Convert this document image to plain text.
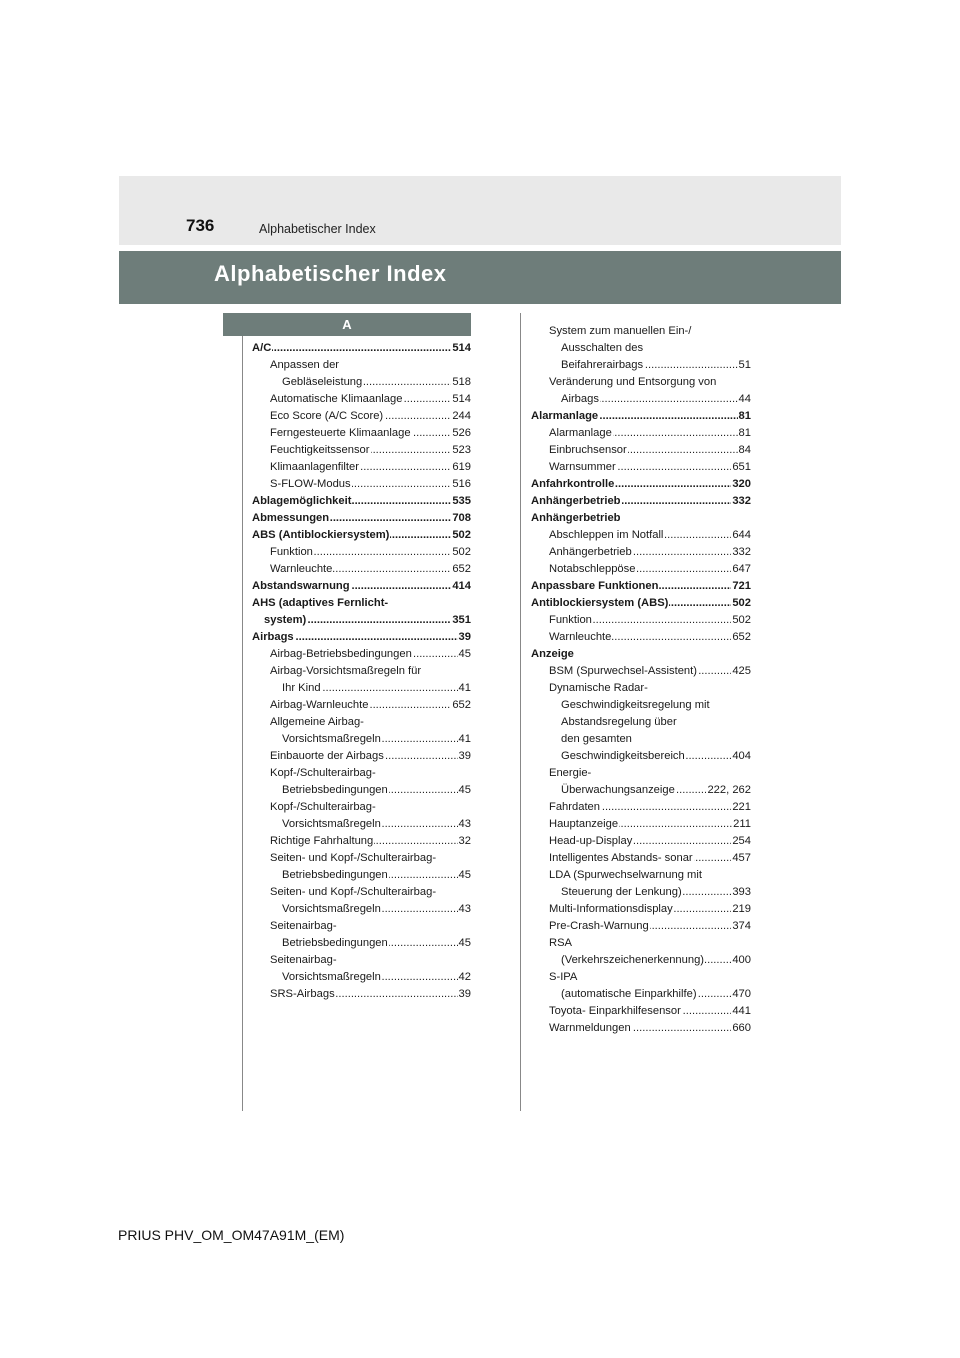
736	Alphabetischer Index
Alphabetischer Index
A
..... A/C	514
Anpassen der
..... Gebläseleistung	518
..... Automatische Klimaanlage	514
..... Eco Score (A/C Score)	244
..... Ferngesteuerte Klimaanlage	526
..... Feuchtigkeitssensor	523
..... Klimaanlagenfilter	619
..... S-FLOW-Modus	516
..... Ablagemöglichkeit	535
..... Abmessungen	708
..... ABS (Antiblockiersystem)	502
..... Funktion	502
..... Warnleuchte	652
..... Abstandswarnung	414
AHS (adaptives Fernlicht-
..... system)	351
..... Airbags	39
..... Airbag-Betriebsbedingungen	45
Airbag-Vorsichtsmaßregeln für
..... Ihr Kind	41
..... Airbag-Warnleuchte	652
Allgemeine Airbag-
..... Vorsichtsmaßregeln	41
..... Einbauorte der Airbags	39
Kopf-/Schulterairbag-
..... Betriebsbedingungen	45
Kopf-/Schulterairbag-
..... Vorsichtsmaßregeln	43
..... Richtige Fahrhaltung	32
Seiten- und Kopf-/Schulterairbag-
..... Betriebsbedingungen	45
Seiten- und Kopf-/Schulterairbag-
..... Vorsichtsmaßregeln	43
Seitenairbag-
..... Betriebsbedingungen	45
Seitenairbag-
..... Vorsichtsmaßregeln	42
..... SRS-Airbags	39
System zum manuellen Ein-/
Ausschalten des
..... Beifahrerairbags	51
Veränderung und Entsorgung von
..... Airbags	44
..... Alarmanlage	81
..... Alarmanlage	81
..... Einbruchsensor	84
..... Warnsummer	651
..... Anfahrkontrolle	320
..... Anhängerbetrieb	332
Anhängerbetrieb
..... Abschleppen im Notfall	644
..... Anhängerbetrieb	332
..... Notabschleppöse	647
..... Anpassbare Funktionen	721
..... Antiblockiersystem (ABS)	502
..... Funktion	502
..... Warnleuchte	652
Anzeige
..... BSM (Spurwechsel-Assistent)	425
Dynamische Radar-
Geschwindigkeitsregelung mit
Abstandsregelung über
den gesamten
..... Geschwindigkeitsbereich	404
Energie-
..... Überwachungsanzeige	222, 262
..... Fahrdaten	221
..... Hauptanzeige	211
..... Head-up-Display	254
..... Intelligentes Abstands- sonar	457
LDA (Spurwechselwarnung mit
..... Steuerung der Lenkung)	393
..... Multi-Informationsdisplay	219
..... Pre-Crash-Warnung	374
RSA
..... (Verkehrszeichenerkennung)	400
S-IPA
..... (automatische Einparkhilfe)	470
..... Toyota- Einparkhilfesensor	441
..... Warnmeldungen	660
PRIUS PHV_OM_OM47A91M_(EM)
